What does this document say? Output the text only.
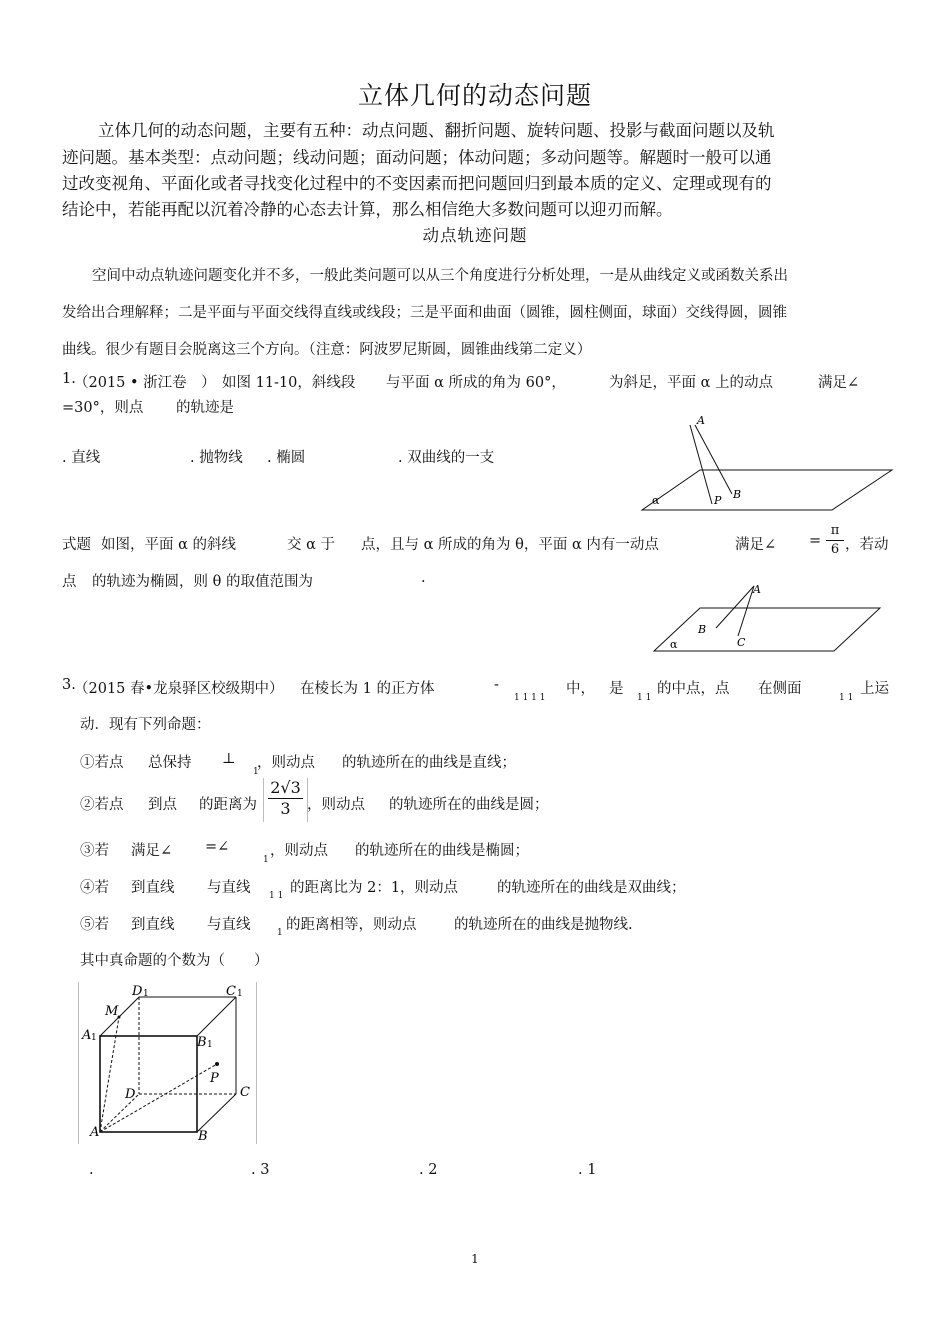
立体几何的动态问题
立体几何的动态问题，主要有五种：动点问题、翻折问题、旋转问题、投影与截面问题以及轨
迹问题。基本类型：点动问题；线动问题；面动问题；体动问题；多动问题等。解题时一般可以通
过改变视角、平面化或者寻找变化过程中的不变因素而把问题回归到最本质的定义、定理或现有的
结论中，若能再配以沉着冷静的心态去计算，那么相信绝大多数问题可以迎刃而解。
动点轨迹问题
空间中动点轨迹问题变化并不多，一般此类问题可以从三个角度进行分析处理，一是从曲线定义或函数关系出
发给出合理解释；二是平面与平面交线得直线或线段；三是平面和曲面（圆锥，圆柱侧面，球面）交线得圆，圆锥
曲线。很少有题目会脱离这三个方向。（注意：阿波罗尼斯圆，圆锥曲线第二定义）
1.
（2015 • 浙江卷　） 如图 11-10，斜线段 与平面 α 所成的角为 60°，	为斜足，平面 α 上的动点	满足∠
=30°，则点 的轨迹是
. 直线	. 抛物线 . 椭圆	. 双曲线的一支
A
P B
α
式题 如图，平面 α 的斜线	交 α 于 点，且与 α 所成的角为 θ，平面 α 内有一动点	满足∠ = $\frac{\pi}{6}$ ，若动
点 的轨迹为椭圆，则 θ 的取值范围为	.
A
B
C
α
3.
（2015 春•龙泉驿区校级期中） 在棱长为 1 的正方体	-
1 1 1 1
中， 是
1 1
的中点，点 在侧面
1 1
上运
动．现有下列命题：
①若点 总保持 ⊥
1
，则动点 的轨迹所在的曲线是直线；
②若点 到点 的距离为 $\frac{2√3}{3}$ ，则动点 的轨迹所在的曲线是圆；
③若 满足∠ =∠
1
，则动点 的轨迹所在的曲线是椭圆；
④若 到直线 与直线 1 1 的距离比为 2：1，则动点	的轨迹所在的曲线是双曲线；
⑤若 到直线 与直线	1 的距离相等，则动点	的轨迹所在的曲线是抛物线.
其中真命题的个数为（　　）
M
D 1	C 1
A 1	B 1
P
D	C
A	B
.	. 3	. 2	. 1
1
